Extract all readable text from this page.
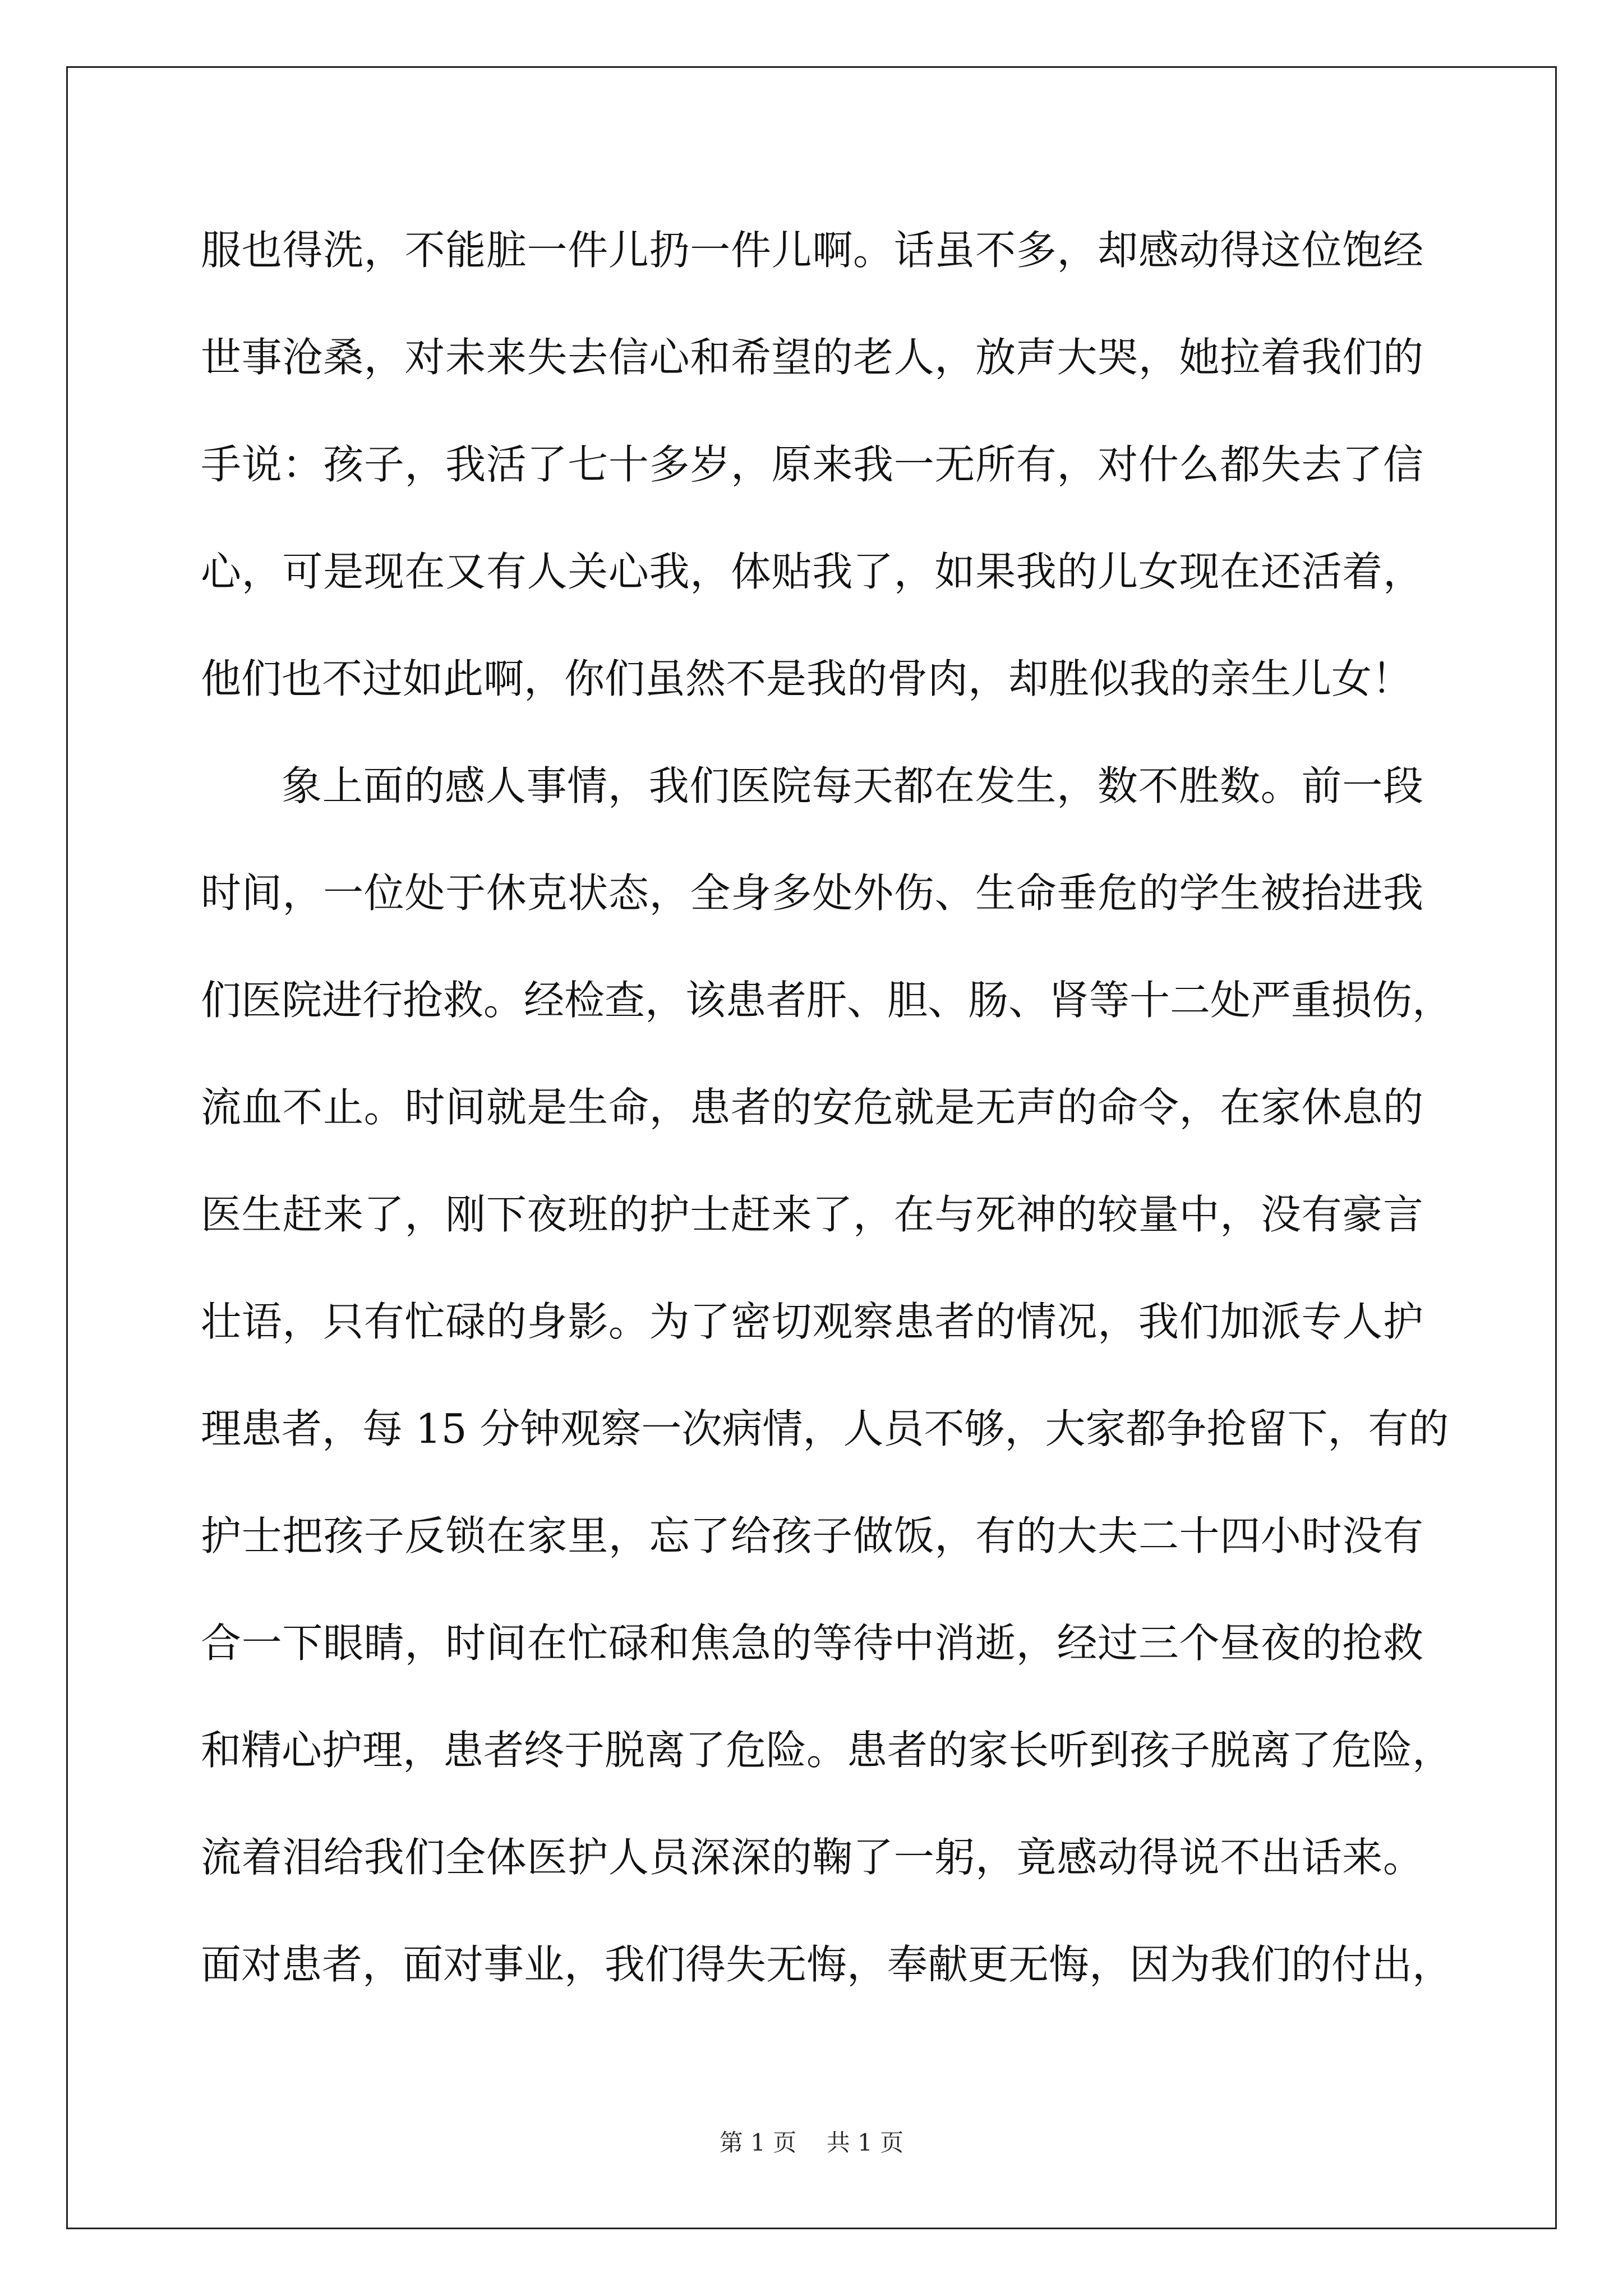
服也得洗，不能脏一件儿扔一件儿啊。话虽不多，却感动得这位饱经
世事沧桑，对未来失去信心和希望的老人，放声大哭，她拉着我们的
手说：孩子，我活了七十多岁，原来我一无所有，对什么都失去了信
心，可是现在又有人关心我，体贴我了，如果我的儿女现在还活着，
他们也不过如此啊，你们虽然不是我的骨肉，却胜似我的亲生儿女！
象上面的感人事情，我们医院每天都在发生，数不胜数。前一段
时间，一位处于休克状态，全身多处外伤、生命垂危的学生被抬进我
们医院进行抢救。经检查，该患者肝、胆、肠、肾等十二处严重损伤，
流血不止。时间就是生命，患者的安危就是无声的命令，在家休息的
医生赶来了，刚下夜班的护士赶来了，在与死神的较量中，没有豪言
壮语，只有忙碌的身影。为了密切观察患者的情况，我们加派专人护
理患者，每 15 分钟观察一次病情，人员不够，大家都争抢留下，有的
护士把孩子反锁在家里，忘了给孩子做饭，有的大夫二十四小时没有
合一下眼睛，时间在忙碌和焦急的等待中消逝，经过三个昼夜的抢救
和精心护理，患者终于脱离了危险。患者的家长听到孩子脱离了危险，
流着泪给我们全体医护人员深深的鞠了一躬，竟感动得说不出话来。
面对患者，面对事业，我们得失无悔，奉献更无悔，因为我们的付出，
第 1 页    共 1 页
